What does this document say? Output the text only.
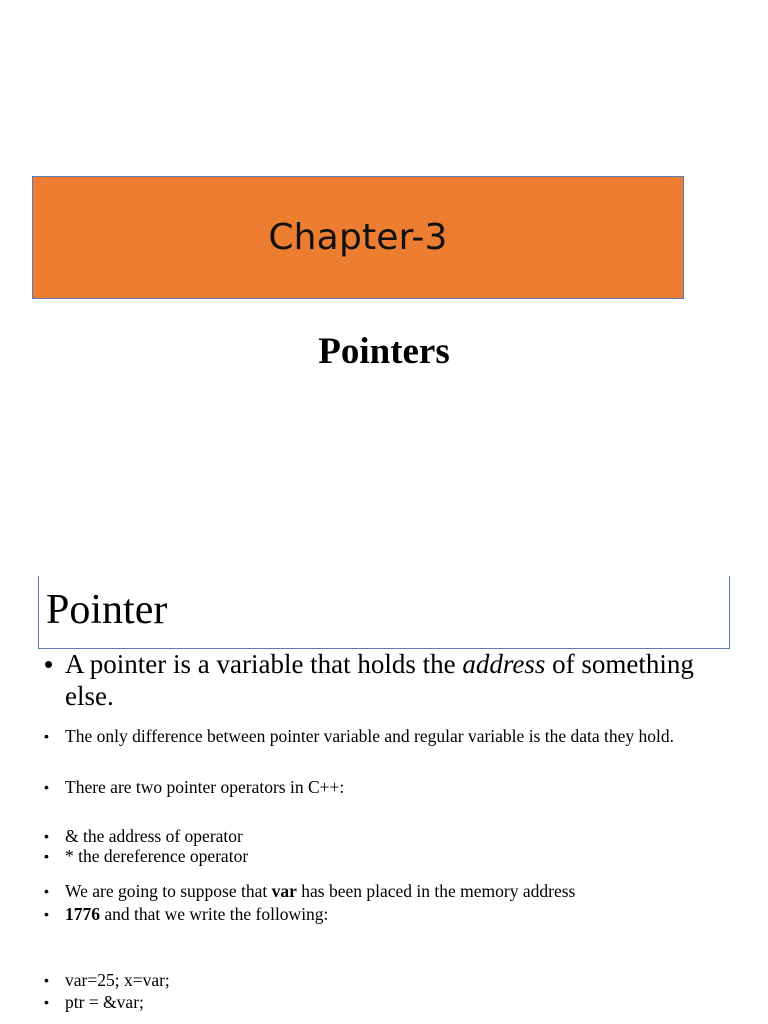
Chapter-3
Pointers
Pointer
• A pointer is a variable that holds the address of something else.
• The only difference between pointer variable and regular variable is the data they hold.
• There are two pointer operators in C++:
• & the address of operator
• * the dereference operator
• We are going to suppose that var has been placed in the memory address
• 1776 and that we write the following:
• var=25; x=var;
• ptr = &var;
